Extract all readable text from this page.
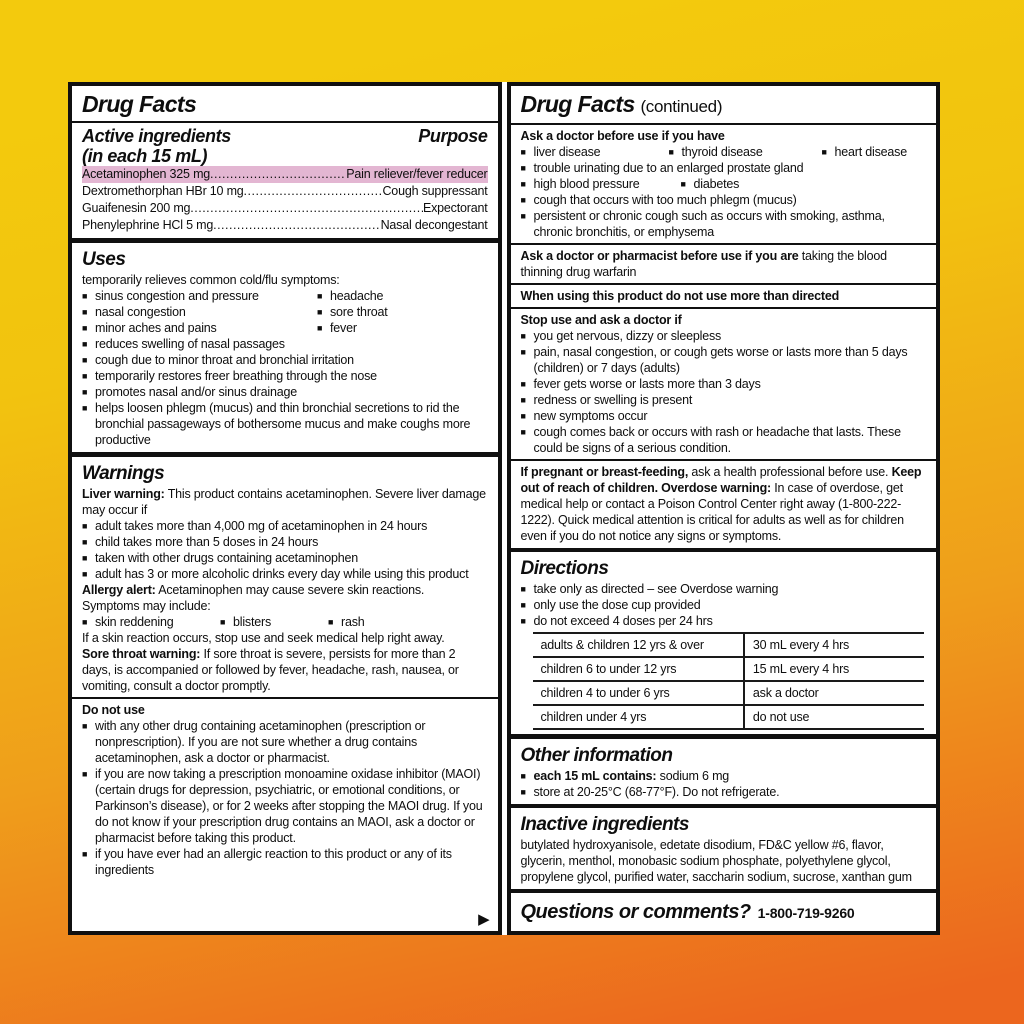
Drug Facts
Active ingredients
(in each 15 mL)
Purpose
Acetaminophen 325 mg .....	Pain reliever/fever reducer
Dextromethorphan HBr 10 mg .....	Cough suppressant
Guaifenesin 200 mg .....	Expectorant
Phenylephrine HCl 5 mg .....	Nasal decongestant
Uses

temporarily relieves common cold/flu symptoms:

■ sinus congestion and pressure	■ headache
■ nasal congestion	■ sore throat
■ minor aches and pains	■ fever
■ reduces swelling of nasal passages
■ cough due to minor throat and bronchial irritation
■ temporarily restores freer breathing through the nose
■ promotes nasal and/or sinus drainage
■ helps loosen phlegm (mucus) and thin bronchial secretions to rid the bronchial passageways of bothersome mucus and make coughs more productive
Warnings

Liver warning: This product contains acetaminophen. Severe liver damage may occur if

■ adult takes more than 4,000 mg of acetaminophen in 24 hours
■ child takes more than 5 doses in 24 hours
■ taken with other drugs containing acetaminophen
■ adult has 3 or more alcoholic drinks every day while using this product

Allergy alert: Acetaminophen may cause severe skin reactions.

Symptoms may include:

■ skin reddening	■ blisters	■ rash

If a skin reaction occurs, stop use and seek medical help right away.

Sore throat warning: If sore throat is severe, persists for more than 2 days, is accompanied or followed by fever, headache, rash, nausea, or vomiting, consult a doctor promptly.

Do not use
■ with any other drug containing acetaminophen (prescription or nonprescription). If you are not sure whether a drug contains acetaminophen, ask a doctor or pharmacist.
■ if you are now taking a prescription monoamine oxidase inhibitor (MAOI) (certain drugs for depression, psychiatric, or emotional conditions, or Parkinson’s disease), or for 2 weeks after stopping the MAOI drug. If you do not know if your prescription drug contains an MAOI, ask a doctor or pharmacist before taking this product.
■ if you have ever had an allergic reaction to this product or any of its ingredients
▶
Drug Facts (continued)
Ask a doctor before use if you have
■ liver disease	■ thyroid disease	■ heart disease
■ trouble urinating due to an enlarged prostate gland
■ high blood pressure	■ diabetes
■ cough that occurs with too much phlegm (mucus)
■ persistent or chronic cough such as occurs with smoking, asthma, chronic bronchitis, or emphysema

Ask a doctor or pharmacist before use if you are taking the blood thinning drug warfarin

When using this product do not use more than directed

Stop use and ask a doctor if
■ you get nervous, dizzy or sleepless
■ pain, nasal congestion, or cough gets worse or lasts more than 5 days (children) or 7 days (adults)
■ fever gets worse or lasts more than 3 days
■ redness or swelling is present
■ new symptoms occur
■ cough comes back or occurs with rash or headache that lasts. These could be signs of a serious condition.

If pregnant or breast-feeding, ask a health professional before use. Keep out of reach of children. Overdose warning: In case of overdose, get medical help or contact a Poison Control Center right away (1-800-222-1222). Quick medical attention is critical for adults as well as for children even if you do not notice any signs or symptoms.

Directions
■ take only as directed – see Overdose warning
■ only use the dose cup provided
■ do not exceed 4 doses per 24 hrs
adults & children 12 yrs & over	30 mL every 4 hrs
children 6 to under 12 yrs	15 mL every 4 hrs
children 4 to under 6 yrs	ask a doctor
children under 4 yrs	do not use
Other information
■ each 15 mL contains: sodium 6 mg
■ store at 20-25°C (68-77°F). Do not refrigerate.
Inactive ingredients

butylated hydroxyanisole, edetate disodium, FD&C yellow #6, flavor, glycerin, menthol, monobasic sodium phosphate, polyethylene glycol, propylene glycol, purified water, saccharin sodium, sucrose, xanthan gum

Questions or comments? 1-800-719-9260
